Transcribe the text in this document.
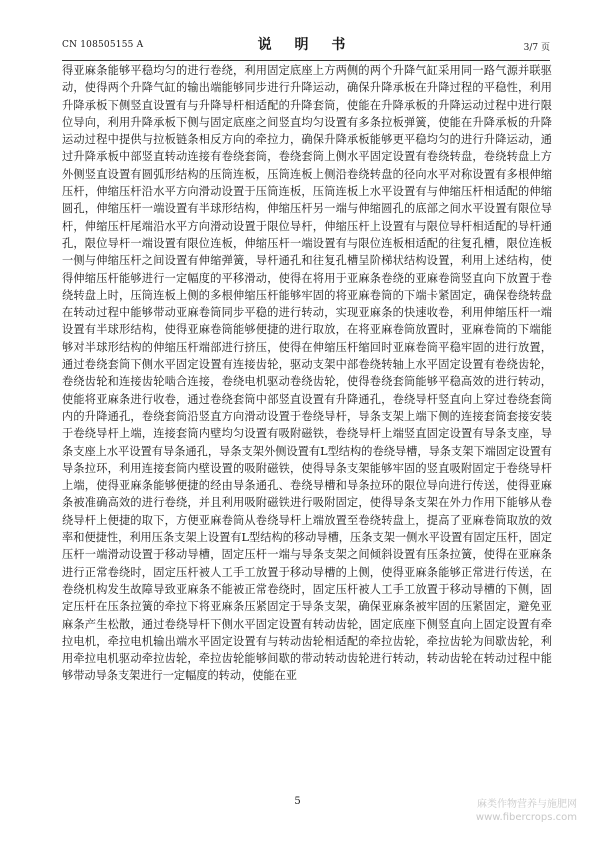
CN 108505155 A	说 明 书	3/7 页

得亚麻条能够平稳均匀的进行卷绕，利用固定底座上方两侧的两个升降气缸采用同一路气源并联驱动，使得两个升降气缸的输出端能够同步进行升降运动，确保升降承板在升降过程的平稳性，利用升降承板下侧竖直设置有与升降导杆相适配的升降套筒，使能在升降承板的升降运动过程中进行限位导向，利用升降承板下侧与固定底座之间竖直均匀设置有多条拉板弹簧，使能在升降承板的升降运动过程中提供与拉板链条相反方向的牵拉力，确保升降承板能够更平稳均匀的进行升降运动，通过升降承板中部竖直转动连接有卷绕套筒，卷绕套筒上侧水平固定设置有卷绕转盘，卷绕转盘上方外侧竖直设置有圆弧形结构的压筒连板，压筒连板上侧沿卷绕转盘的径向水平对称设置有多根伸缩压杆，伸缩压杆沿水平方向滑动设置于压筒连板，压筒连板上水平设置有与伸缩压杆相适配的伸缩圆孔，伸缩压杆一端设置有半球形结构，伸缩压杆另一端与伸缩圆孔的底部之间水平设置有限位导杆，伸缩压杆尾端沿水平方向滑动设置于限位导杆，伸缩压杆上设置有与限位导杆相适配的导杆通孔，限位导杆一端设置有限位连板，伸缩压杆一端设置有与限位连板相适配的往复孔槽，限位连板一侧与伸缩压杆之间设置有伸缩弹簧，导杆通孔和往复孔槽呈阶梯状结构设置，利用上述结构，使得伸缩压杆能够进行一定幅度的平移滑动，使得在将用于亚麻条卷绕的亚麻卷筒竖直向下放置于卷绕转盘上时，压筒连板上侧的多根伸缩压杆能够牢固的将亚麻卷筒的下端卡紧固定，确保卷绕转盘在转动过程中能够带动亚麻卷筒同步平稳的进行转动，实现亚麻条的快速收卷，利用伸缩压杆一端设置有半球形结构，使得亚麻卷筒能够便捷的进行取放，在将亚麻卷筒放置时，亚麻卷筒的下端能够对半球形结构的伸缩压杆端部进行挤压，使得在伸缩压杆缩回时亚麻卷筒平稳牢固的进行放置，通过卷绕套筒下侧水平固定设置有连接齿轮，驱动支架中部卷绕转轴上水平固定设置有卷绕齿轮，卷绕齿轮和连接齿轮啮合连接，卷绕电机驱动卷绕齿轮，使得卷绕套筒能够平稳高效的进行转动，使能将亚麻条进行收卷，通过卷绕套筒中部竖直设置有升降通孔，卷绕导杆竖直向上穿过卷绕套筒内的升降通孔，卷绕套筒沿竖直方向滑动设置于卷绕导杆，导条支架上端下侧的连接套筒套接安装于卷绕导杆上端，连接套筒内壁均匀设置有吸附磁铁，卷绕导杆上端竖直固定设置有导条支座，导条支座上水平设置有导条通孔，导条支架外侧设置有L型结构的卷绕导槽，导条支架下端固定设置有导条拉环，利用连接套筒内壁设置的吸附磁铁，使得导条支架能够牢固的竖直吸附固定于卷绕导杆上端，使得亚麻条能够便捷的经由导条通孔、卷绕导槽和导条拉环的限位导向进行传送，使得亚麻条被准确高效的进行卷绕，并且利用吸附磁铁进行吸附固定，使得导条支架在外力作用下能够从卷绕导杆上便捷的取下，方便亚麻卷筒从卷绕导杆上端放置至卷绕转盘上，提高了亚麻卷筒取放的效率和便捷性，利用压条支架上设置有L型结构的移动导槽，压条支架一侧水平设置有固定压杆，固定压杆一端滑动设置于移动导槽，固定压杆一端与导条支架之间倾斜设置有压条拉簧，使得在亚麻条进行正常卷绕时，固定压杆被人工手工放置于移动导槽的上侧，使得亚麻条能够正常进行传送，在卷绕机构发生故障导致亚麻条不能被正常卷绕时，固定压杆被人工手工放置于移动导槽的下侧，固定压杆在压条拉簧的牵拉下将亚麻条压紧固定于导条支架，确保亚麻条被牢固的压紧固定，避免亚麻条产生松散，通过卷绕导杆下侧水平固定设置有转动齿轮，固定底座下侧竖直向上固定设置有牵拉电机，牵拉电机输出端水平固定设置有与转动齿轮相适配的牵拉齿轮，牵拉齿轮为间歇齿轮，利用牵拉电机驱动牵拉齿轮，牵拉齿轮能够间歇的带动转动齿轮进行转动，转动齿轮在转动过程中能够带动导条支架进行一定幅度的转动，使能在亚

5	麻类作物营养与施肥网
www.fibercrops.com
